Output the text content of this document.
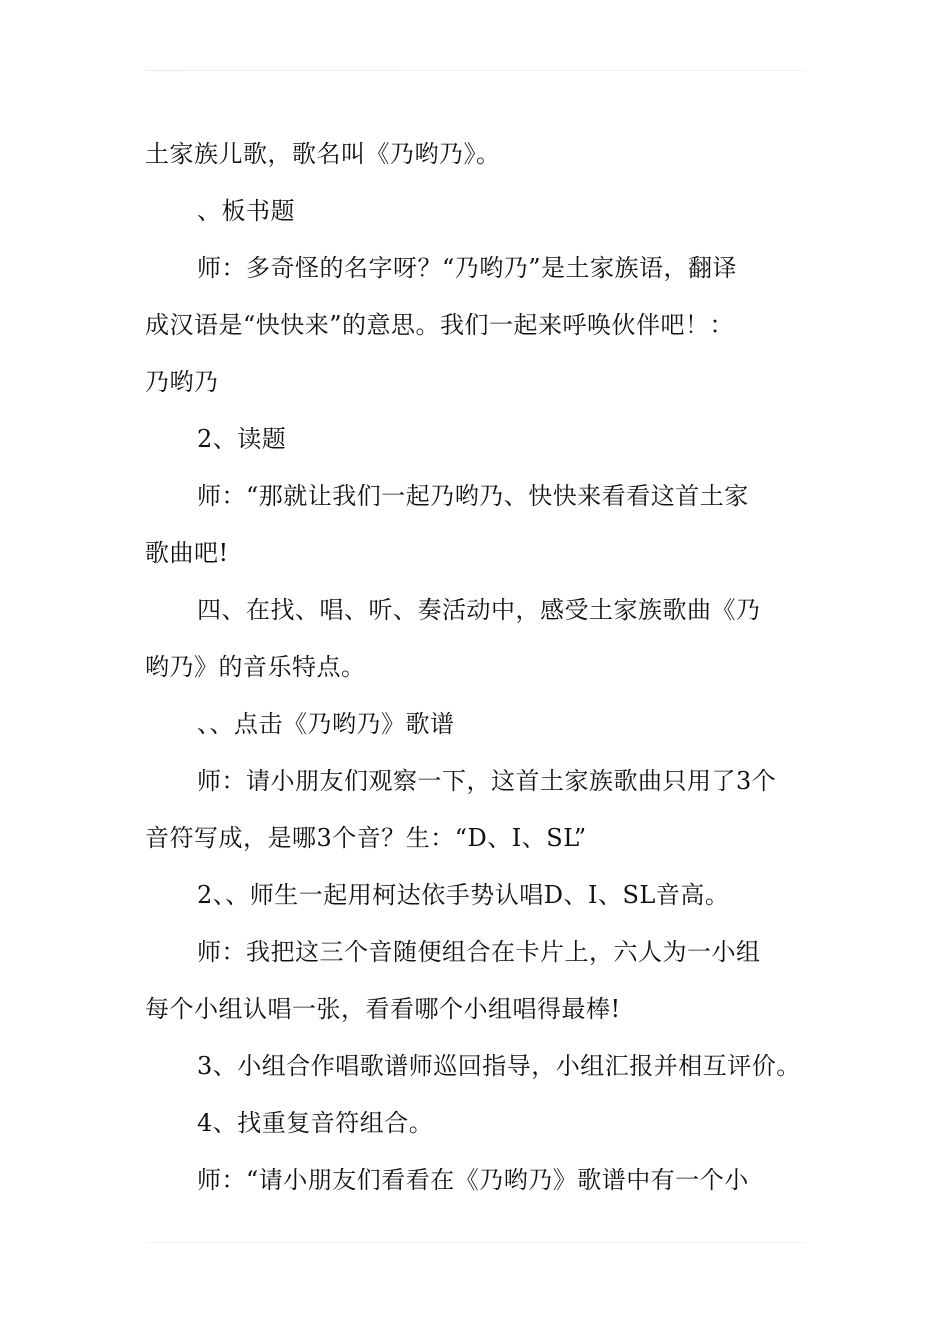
土家族儿歌，歌名叫《乃哟乃》。
、板书题
师：多奇怪的名字呀？“乃哟乃”是土家族语，翻译
成汉语是“快快来”的意思。我们一起来呼唤伙伴吧！：
乃哟乃
2、读题
师：“那就让我们一起乃哟乃、快快来看看这首土家
歌曲吧!
四、在找、唱、听、奏活动中，感受土家族歌曲《乃
哟乃》的音乐特点。
、、点击《乃哟乃》歌谱
师：请小朋友们观察一下，这首土家族歌曲只用了3个
音符写成，是哪3个音？生：“D、I、SL”
2、、师生一起用柯达依手势认唱D、I、SL音高。
师：我把这三个音随便组合在卡片上，六人为一小组
每个小组认唱一张，看看哪个小组唱得最棒!
3、小组合作唱歌谱师巡回指导，小组汇报并相互评价。
4、找重复音符组合。
师：“请小朋友们看看在《乃哟乃》歌谱中有一个小
